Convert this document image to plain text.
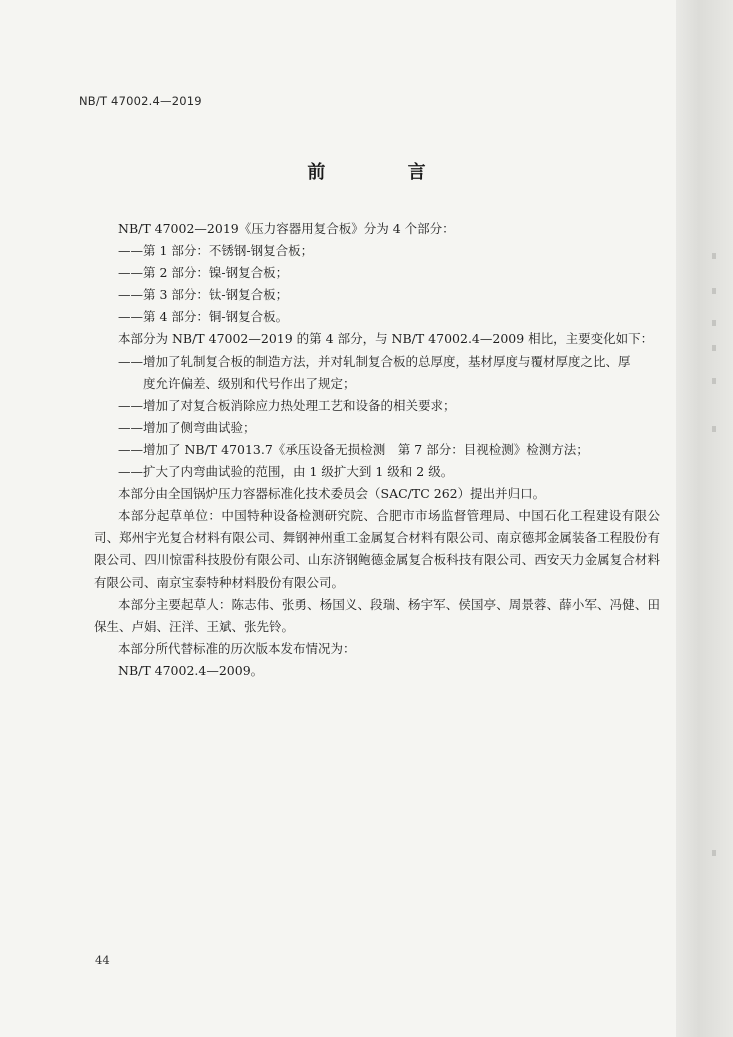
NB/T 47002.4—2019
前 言
NB/T 47002—2019《压力容器用复合板》分为 4 个部分：
——第 1 部分：不锈钢-钢复合板；
——第 2 部分：镍-钢复合板；
——第 3 部分：钛-钢复合板；
——第 4 部分：铜-钢复合板。
本部分为 NB/T 47002—2019 的第 4 部分，与 NB/T 47002.4—2009 相比，主要变化如下：
——增加了轧制复合板的制造方法，并对轧制复合板的总厚度，基材厚度与覆材厚度之比、厚
度允许偏差、级别和代号作出了规定；
——增加了对复合板消除应力热处理工艺和设备的相关要求；
——增加了侧弯曲试验；
——增加了 NB/T 47013.7《承压设备无损检测　第 7 部分：目视检测》检测方法；
——扩大了内弯曲试验的范围，由 1 级扩大到 1 级和 2 级。
本部分由全国锅炉压力容器标准化技术委员会（SAC/TC 262）提出并归口。
本部分起草单位：中国特种设备检测研究院、合肥市市场监督管理局、中国石化工程建设有限公司、郑州宇光复合材料有限公司、舞钢神州重工金属复合材料有限公司、南京德邦金属装备工程股份有限公司、四川惊雷科技股份有限公司、山东济钢鲍德金属复合板科技有限公司、西安天力金属复合材料有限公司、南京宝泰特种材料股份有限公司。
本部分主要起草人：陈志伟、张勇、杨国义、段瑞、杨宇军、侯国亭、周景蓉、薛小军、冯健、田保生、卢娟、汪洋、王斌、张先铃。
本部分所代替标准的历次版本发布情况为：
NB/T 47002.4—2009。
44
